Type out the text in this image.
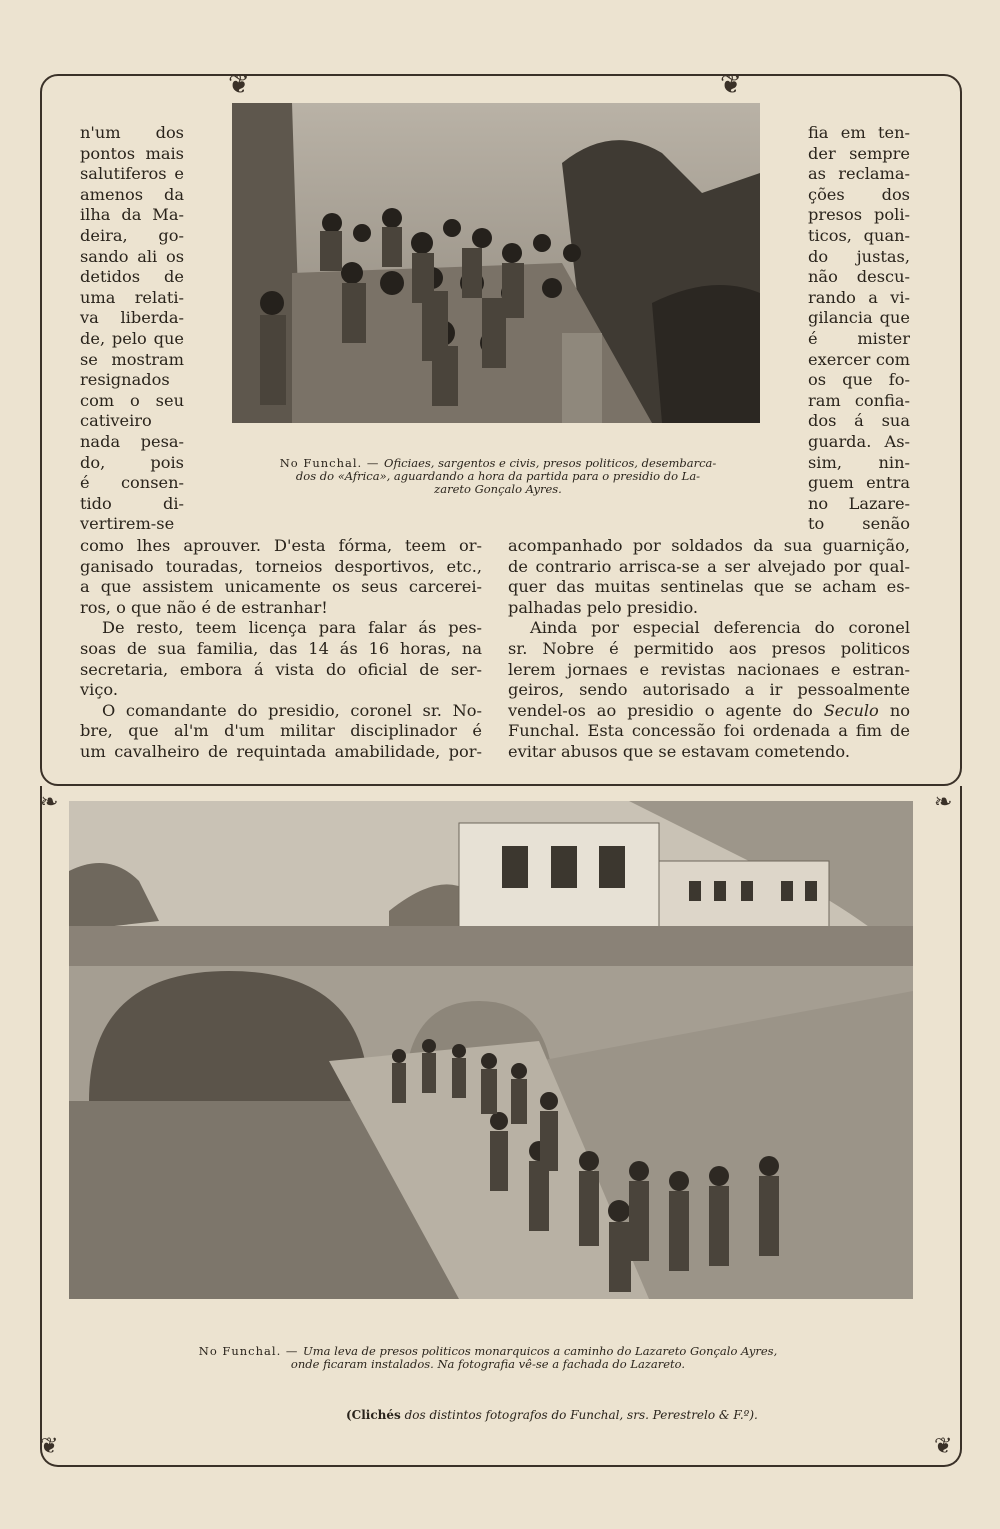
❦	❦
❧	❧
❦	❦
No Funchal. — Oficiaes, sargentos e civis, presos politicos, desembarca-
dos do «Africa», aguardando a hora da partida para o presidio do La-
zareto Gonçalo Ayres.
n'um dos
pontos mais
salutiferos e
amenos da
ilha da Ma-
deira, go-
sando ali os
detidos de
uma relati-
va liberda-
de, pelo que
se mostram
resignados
com o seu
cativeiro
nada pesa-
do, pois
é consen-
tido di-
vertirem-se
fia em ten-
der sempre
as reclama-
ções dos
presos poli-
ticos, quan-
do justas,
não descu-
rando a vi-
gilancia que
é mister
exercer com
os que fo-
ram confia-
dos á sua
guarda. As-
sim, nin-
guem entra
no Lazare-
to senão
como lhes aprouver. D'esta fórma, teem or-
ganisado touradas, torneios desportivos, etc.,
a que assistem unicamente os seus carcerei-
ros, o que não é de estranhar!
De resto, teem licença para falar ás pes-
soas de sua familia, das 14 ás 16 horas, na
secretaria, embora á vista do oficial de ser-
viço.
O comandante do presidio, coronel sr. No-
bre, que al'm d'um militar disciplinador é
um cavalheiro de requintada amabilidade, por-
acompanhado por soldados da sua guarnição,
de contrario arrisca-se a ser alvejado por qual-
quer das muitas sentinelas que se acham es-
palhadas pelo presidio.
Ainda por especial deferencia do coronel
sr. Nobre é permitido aos presos politicos
lerem jornaes e revistas nacionaes e estran-
geiros, sendo autorisado a ir pessoalmente
vendel-os ao presidio o agente do Seculo no
Funchal. Esta concessão foi ordenada a fim de
evitar abusos que se estavam cometendo.
No Funchal. — Uma leva de presos politicos monarquicos a caminho do Lazareto Gonçalo Ayres,
onde ficaram instalados. Na fotografia vê-se a fachada do Lazareto.
(Clichés dos distintos fotografos do Funchal, srs. Perestrelo & F.º).
